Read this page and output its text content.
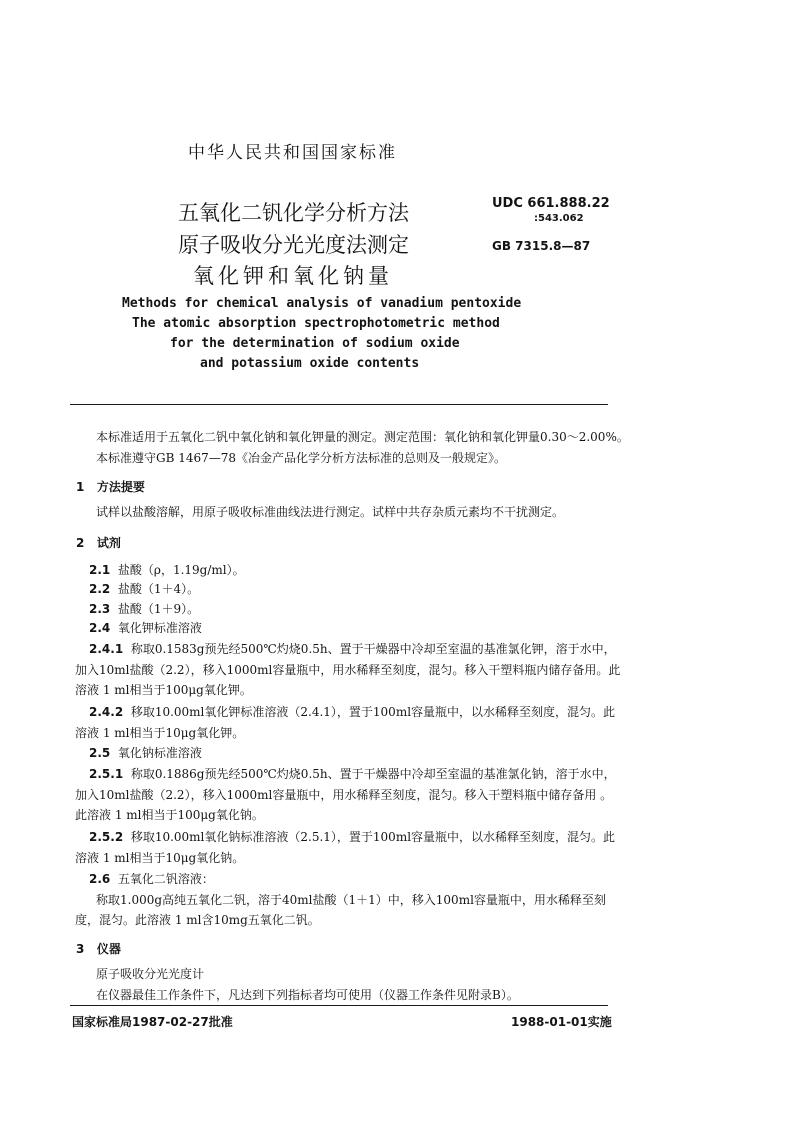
中华人民共和国国家标准
五氧化二钒化学分析方法
原子吸收分光光度法测定
氧化钾和氧化钠量
UDC 661.888.22
:543.062
GB 7315.8—87
Methods for chemical analysis of vanadium pentoxide
The atomic absorption spectrophotometric method
for the determination of sodium oxide
and potassium oxide contents
本标准适用于五氧化二钒中氧化钠和氧化钾量的测定。测定范围：氧化钠和氧化钾量0.30～2.00%。
本标准遵守GB 1467—78《冶金产品化学分析方法标准的总则及一般规定》。
1 方法提要
试样以盐酸溶解，用原子吸收标准曲线法进行测定。试样中共存杂质元素均不干扰测定。
2 试剂
2.1 盐酸（ρ，1.19g/ml）。
2.2 盐酸（1＋4）。
2.3 盐酸（1＋9）。
2.4 氧化钾标准溶液
2.4.1 称取0.1583g预先经500℃灼烧0.5h、置于干燥器中冷却至室温的基准氯化钾，溶于水中，
加入10ml盐酸（2.2），移入1000ml容量瓶中，用水稀释至刻度，混匀。移入干塑料瓶内储存备用。此
溶液 1 ml相当于100μg氧化钾。
2.4.2 移取10.00ml氧化钾标准溶液（2.4.1），置于100ml容量瓶中，以水稀释至刻度，混匀。此
溶液 1 ml相当于10μg氧化钾。
2.5 氧化钠标准溶液
2.5.1 称取0.1886g预先经500℃灼烧0.5h、置于干燥器中冷却至室温的基准氯化钠，溶于水中，
加入10ml盐酸（2.2），移入1000ml容量瓶中，用水稀释至刻度，混匀。移入干塑料瓶中储存备用 。
此溶液 1 ml相当于100μg氧化钠。
2.5.2 移取10.00ml氧化钠标准溶液（2.5.1），置于100ml容量瓶中，以水稀释至刻度，混匀。此
溶液 1 ml相当于10μg氧化钠。
2.6 五氧化二钒溶液：
称取1.000g高纯五氧化二钒，溶于40ml盐酸（1＋1）中，移入100ml容量瓶中，用水稀释至刻
度，混匀。此溶液 1 ml含10mg五氧化二钒。
3 仪器
原子吸收分光光度计
在仪器最佳工作条件下，凡达到下列指标者均可使用（仪器工作条件见附录B）。
国家标准局1987-02-27批准	1988-01-01实施
